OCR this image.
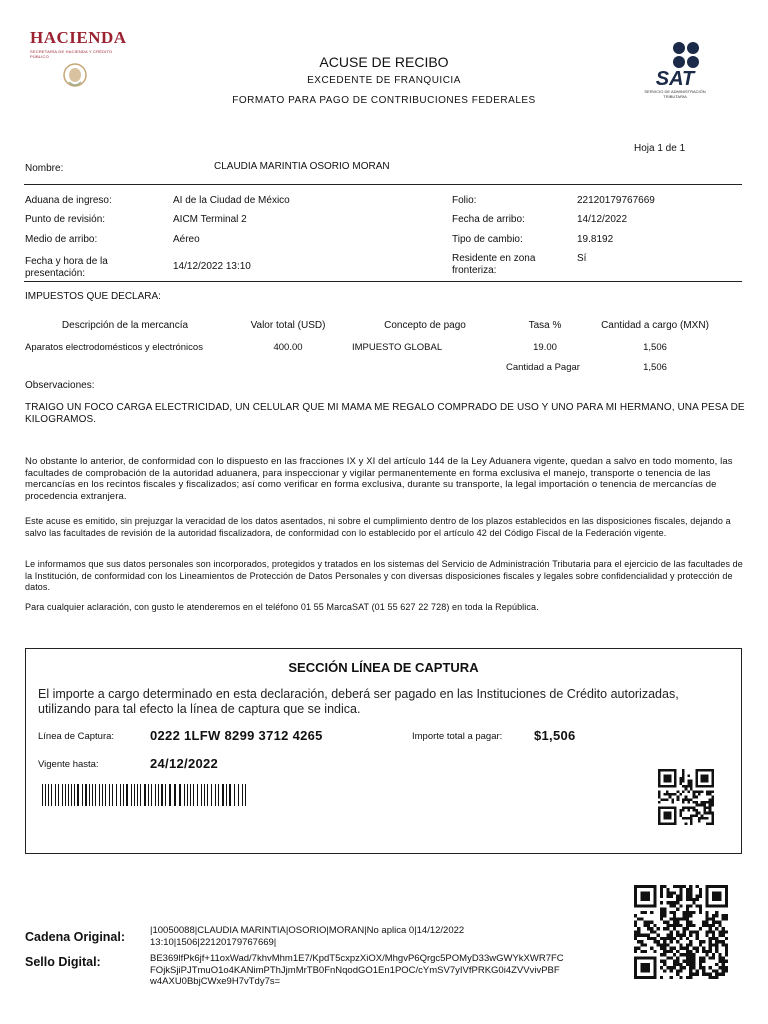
HACIENDA
SECRETARÍA DE HACIENDA Y CRÉDITO PÚBLICO	ACUSE DE RECIBO
EXCEDENTE DE FRANQUICIA
FORMATO PARA PAGO DE CONTRIBUCIONES FEDERALES
SAT
SERVICIO DE ADMINISTRACIÓN TRIBUTARIA
Hoja 1 de 1
Nombre:	CLAUDIA MARINTIA OSORIO MORAN
Aduana de ingreso:	AI de la Ciudad de México
Punto de revisión:	AICM Terminal 2
Medio de arribo:	Aéreo
Fecha y hora de la
presentación:
14/12/2022 13:10
Folio:	22120179767669
Fecha de arribo:	14/12/2022
Tipo de cambio:	19.8192
Residente en zona
fronteriza:
Sí
IMPUESTOS QUE DECLARA:
Descripción de la mercancía	Valor total (USD)	Concepto de pago	Tasa %	Cantidad a cargo (MXN)
Aparatos electrodomésticos y electrónicos	400.00	IMPUESTO GLOBAL	19.00	1,506
Cantidad a Pagar	1,506
Observaciones:
TRAIGO UN FOCO CARGA ELECTRICIDAD, UN CELULAR QUE MI MAMA ME REGALO COMPRADO DE USO Y UNO PARA MI HERMANO, UNA PESA DE KILOGRAMOS.
No obstante lo anterior, de conformidad con lo dispuesto en las fracciones IX y XI del artículo 144 de la Ley Aduanera vigente, quedan a salvo en todo momento, las facultades de comprobación de la autoridad aduanera, para inspeccionar y vigilar permanentemente en forma exclusiva el manejo, transporte o tenencia de las mercancías en los recintos fiscales y fiscalizados; así como verificar en forma exclusiva, durante su transporte, la legal importación o tenencia de mercancías de procedencia extranjera.
Este acuse es emitido, sin prejuzgar la veracidad de los datos asentados, ni sobre el cumplimiento dentro de los plazos establecidos en las disposiciones fiscales, dejando a salvo las facultades de revisión de la autoridad fiscalizadora, de conformidad con lo establecido por el artículo 42 del Código Fiscal de la Federación vigente.
Le informamos que sus datos personales son incorporados, protegidos y tratados en los sistemas del Servicio de Administración Tributaria para el ejercicio de las facultades de la Institución, de conformidad con los Lineamientos de Protección de Datos Personales y con diversas disposiciones fiscales y legales sobre confidencialidad y protección de datos.
Para cualquier aclaración, con gusto le atenderemos en el teléfono 01 55 MarcaSAT (01 55 627 22 728) en toda la República.
SECCIÓN LÍNEA DE CAPTURA
El importe a cargo determinado en esta declaración, deberá ser pagado en las Instituciones de Crédito autorizadas, utilizando para tal efecto la línea de captura que se indica.
Línea de Captura:	0222 1LFW 8299 3712 4265	Importe total a pagar: $1,506
Vigente hasta:	24/12/2022
Cadena Original:	|10050088|CLAUDIA MARINTIA|OSORIO|MORAN|No aplica 0|14/12/2022
13:10|1506|22120179767669|
Sello Digital:	BE369lfPk6jf+11oxWad/7khvMhm1E7/KpdT5cxpzXiOX/MhgvP6Qrgc5POMyD33wGWYkXWR7FC
FOjkSjiPJTmuO1o4KANimPThJjmMrTB0FnNqodGO1En1POC/cYmSV7yIVfPRKG0i4ZVVvivPBF
w4AXU0BbjCWxe9H7vTdy7s=
